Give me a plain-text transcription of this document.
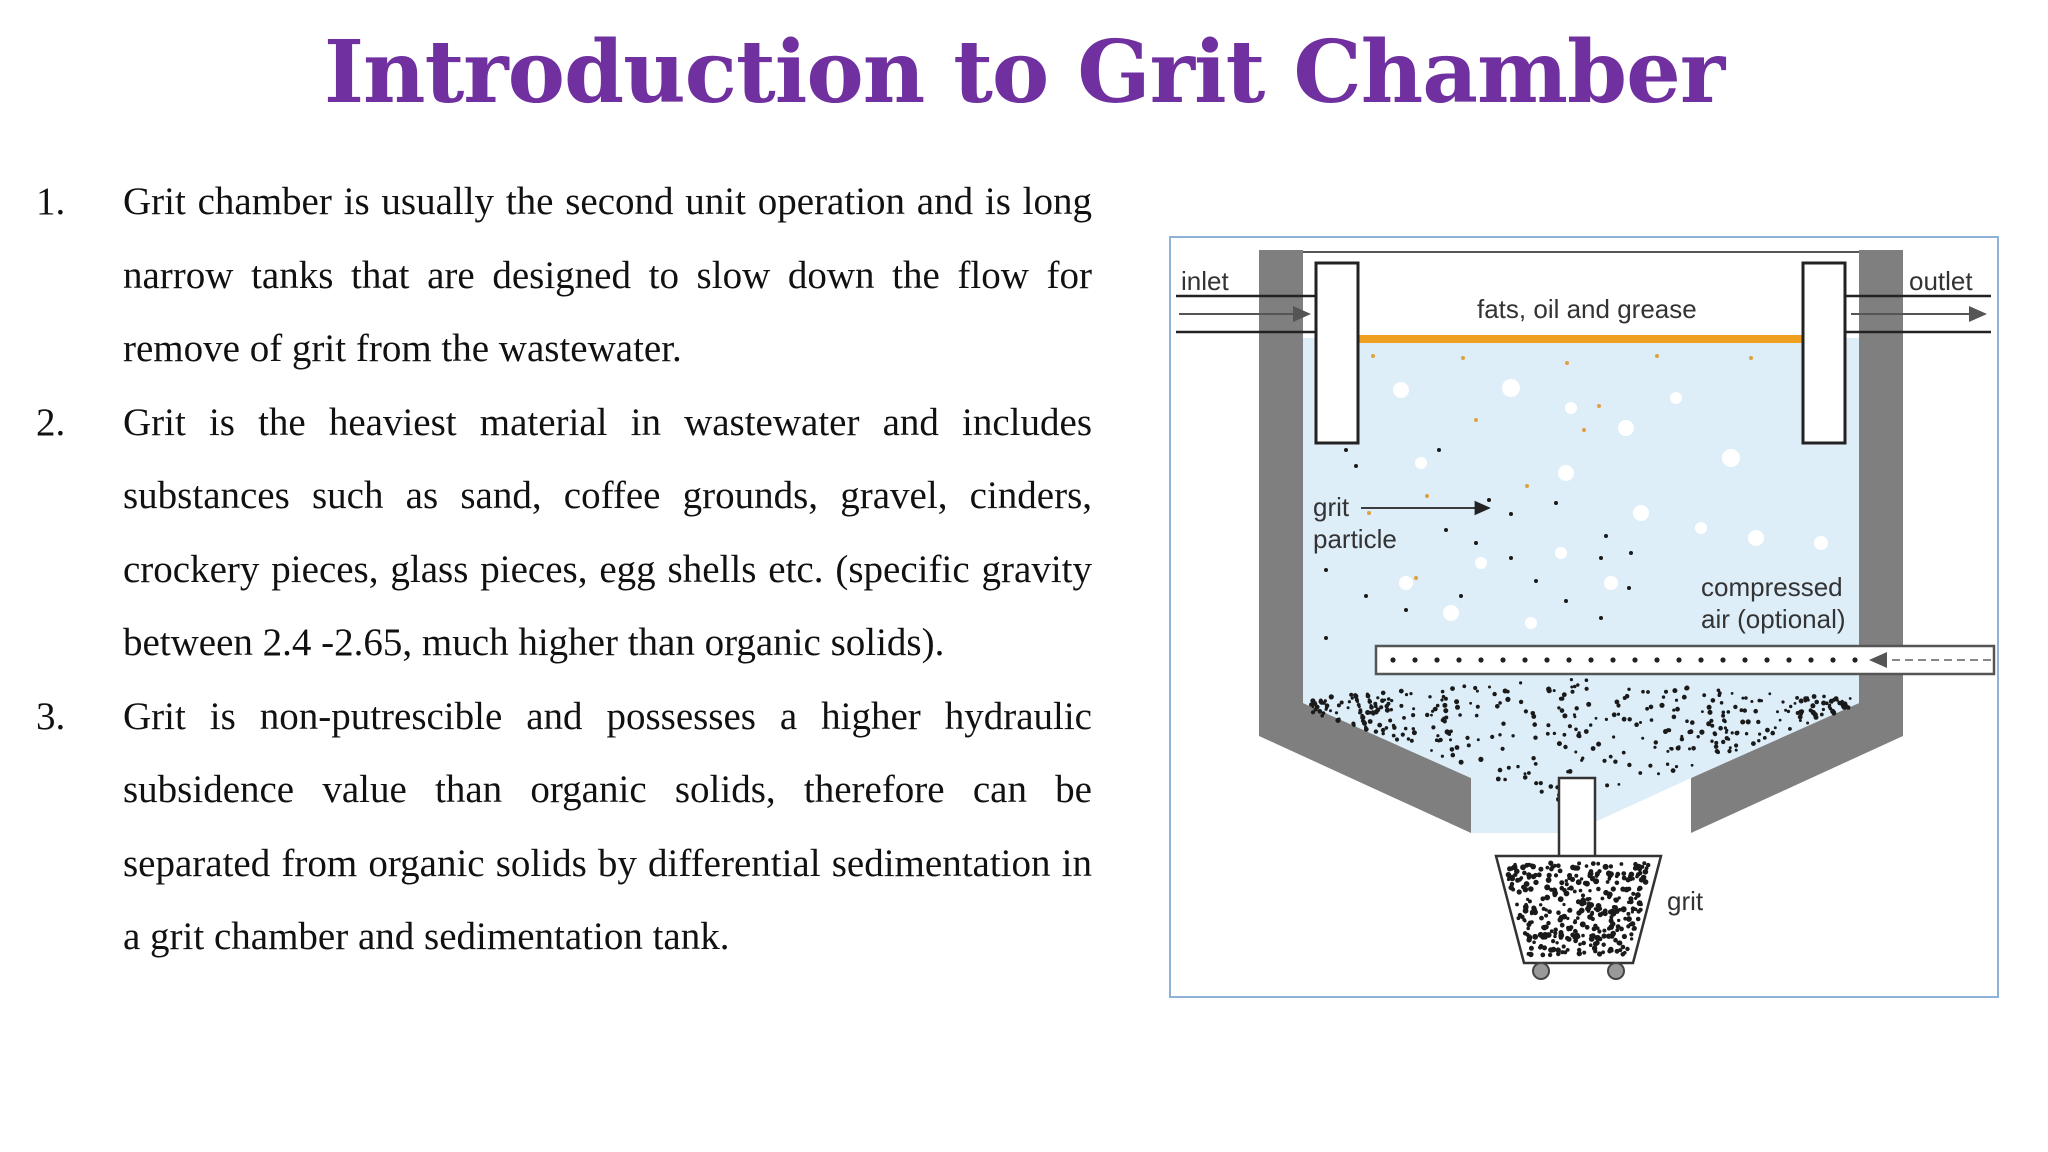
Introduction to Grit Chamber
1. Grit chamber is usually the second unit operation and is long narrow tanks that are designed to slow down the flow for remove of grit from the wastewater.
2. Grit is the heaviest material in wastewater and includes substances such as sand, coffee grounds, gravel, cinders, crockery pieces, glass pieces, egg shells etc. (specific gravity between 2.4 -2.65, much higher than organic solids).
3. Grit is non-putrescible and possesses a higher hydraulic subsidence value than organic solids, therefore can be separated from organic solids by differential sedimentation in a grit chamber and sedimentation tank.
inlet	outlet
fats, oil and grease
grit
particle
compressed
air (optional)
grit
